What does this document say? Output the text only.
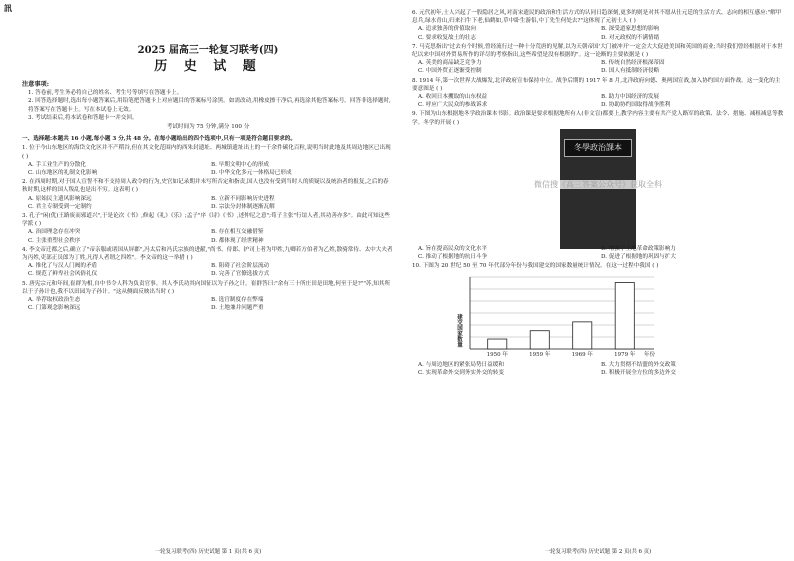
訊
2025 届高三一轮复习联考(四)
历 史 试 题

注意事项:

1. 答卷前,考生务必将自己的姓名、考生号等填写在答题卡上。

2. 回答选择题时,选出每小题答案后,用铅笔把答题卡上对应题目的答案标号涂黑。如需改动,用橡皮擦干净后,再选涂其他答案标号。回答非选择题时,将答案写在答题卡上。写在本试卷上无效。

3. 考试结束后,将本试卷和答题卡一并交回。

考试时间为 75 分钟,满分 100 分

一、选择题:本题共 16 小题,每小题 3 分,共 48 分。在每小题给出的四个选项中,只有一项是符合题目要求的。

1. 位于今山东地区的海岱文化区并不产稻谷,但在其文化范围内的西朱封遗址、两城镇遗址出土的一千余件碳化百粒,说明当时此地及其周边地区已出现 ( )

A. 手工业生产的分散化	B. 早期文明中心的形成
C. 山东地区的礼制文化影响	D. 中华文化多元一体格局已形成

2. 在西周时期,对于国人宣誓不和不支持周人政令的行为,史官如记录期并未写所否定和指责,国人也没有受到当时人的质疑以及统治者的报复,之后的春秋时期,这样的国人叛乱也是出不穷。这表明 ( )

A. 原始民主遗风影响深远	B. 立新不同影响历史进程
C. 君主专制受到一定制约	D. 宗法分封体制逐渐瓦解

3. 孔子"闲(优)王路废而邪道兴",于是论次《书》,修起《礼》《乐》;孟子"序《诗》《书》,述仲尼之意";荀子主张"行谊人者,其功善亦多"。由此可知这些学派 ( )

A. 治国理念存在冲突	B. 存在相互交融借鉴
C. 主张重塑社会秩序	D. 都体现了经世精神

4. 李文帝迁都之后,确立了"帝亲服或诸国从屏郡",冯太后和冯氏宗族的进献,"尚书、侍郎、护司上者为甲姓,九卿若方伯者为乙姓,散骑常侍、太中大夫者为丙姓,吏部正员郎为丁姓,凡得人者谓之四姓"。李文帝的这一举措 ( )

A. 推化了与汉人门阀的矛盾	B. 阻碍了社会阶层流动
C. 规范了鲜卑社会风俗礼仪	D. 完善了官僚选拔方式

5. 唐宪宗元和年间,崔群为相,自中书令人科为负责官事。其人李氏功其向国征以为子孙之计。崔群答曰:"余有三十所庄田是田地,何至于是?""苏,知其所以于子孙计也,我不以田园为子孙计。"这从侧面反映出当时 ( )

A. 举荐取权政治生态	B. 选官制度存在弊端
C. 门第观念影响深远	D. 土地兼并问题严重
一轮复习联考(四) 历史试题 第 1 页(共 6 页)

6. 元代初年,士人兴起了一股隐居之风,对南宋遗民的政治和生活方式的认同日趋深刻,更多的则是对其不愿从仕元廷的生活方式、志向的相互感应:"解甲息兵,绿水青山,归来扫牛下老,仙鹤如,草中卧生游侣,中丁先生何处去?"这体现了元初士人 ( )

A. 追求独善的价值取向	B. 深受道家思想的影响
C. 要求收复故土的壮志	D. 对元政权的不满情绪

7. 马克思指出"过去有个时候,曾经流行过一种十分荒唐的见解,以为天朝帝国'大门被冲开'一定会大大促进美国和英国的商业;当时我们曾经根据对于本世纪以来中国对外贸易所作的详尽的考察指出,这些希望是没有根据的"。这一论断的主要依据是 ( )

A. 英美的商品缺乏竞争力	B. 传统自然经济根深蒂固
C. 中国外贸正逐渐受控制	D. 国人有抵制经济侵略

8. 1914 年,第一次世界大战爆发,北洋政府宣布保持中立。战争后期的 1917 年 8 月,北洋政府向德、奥两国宣战,加入协约国方面作战。这一变化的主要意图是 ( )

A. 收回日本攫取的山东权益	B. 助力中国经济的发展
C. 呼应广大民众的参战诉求	D. 协助协约国取得战争胜利

9. 下图为山东根据地冬学政治课本书影。政治课是要求根据地所有人(非文盲)都要上,教学内容主要有共产党人路军的政策、法令、措施、减租减息等教学。冬学的开展 ( )

冬學政治課本
微信搜《高三答案公众号》获取全科
A. 旨在提高民众的文化水平	B. 增强了土地革命政策影响力
C. 推动了根据地的抗日斗争	D. 促进了根据地的巩固与扩大

10. 下图为 20 世纪 50 至 70 年代部分年份与我国建交的国家数量统计情况。在这一过程中我国 ( )

建交国家数量
1950 年	1959 年	1969 年	1979 年 年份
A. 与周边地区的紧张局势日益缓和	B. 大力贯彻不结盟的外交政策
C. 实现革命外交到务实外交的转变	D. 积极开展全方位的多边外交
一轮复习联考(四) 历史试题 第 2 页(共 6 页)
